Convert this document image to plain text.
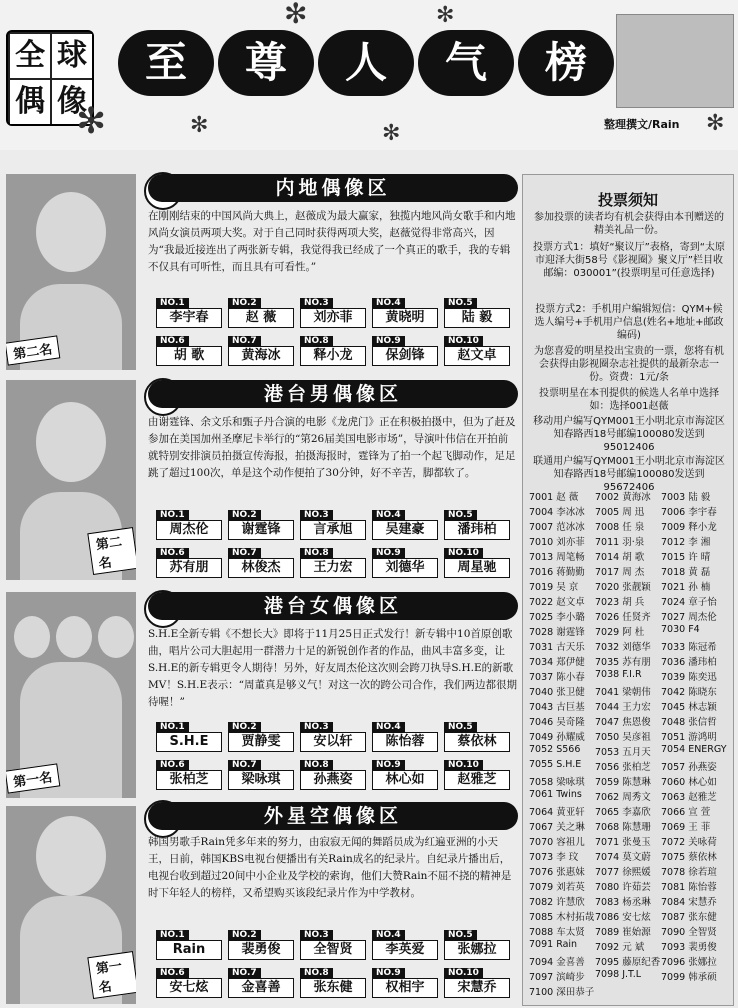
全 球
偶 像
至	尊	人	气	榜
整理撰文/Rain
✻
✻	✻	✻
✻
✻
第二名
内地偶像区
在刚刚结束的中国风尚大典上，赵薇成为最大赢家，独揽内地风尚女歌手和内地风尚女演员两项大奖。对于自己同时获得两项大奖，赵薇觉得非常高兴，因为“我最近接连出了两张新专辑，我觉得我已经成了一个真正的歌手，我的专辑不仅具有可听性，而且具有可看性。”
NO.1
李宇春
NO.2
赵 薇
NO.3
刘亦菲
NO.4
黄晓明
NO.5
陆 毅
NO.6
胡 歌
NO.7
黄海冰
NO.8
释小龙
NO.9
保剑锋
NO.10
赵文卓
第二名
港台男偶像区
由谢霆锋、余文乐和甄子丹合演的电影《龙虎门》正在积极拍摄中，但为了赶及参加在美国加州圣摩尼卡举行的“第26届美国电影市场”，导演叶伟信在开拍前就特别安排演员拍摄宣传海报，拍摄海报时，霆锋为了拍一个起飞脚动作，足足跳了超过100次，单是这个动作便拍了30分钟，好不辛苦，脚都软了。
NO.1
周杰伦
NO.2
谢霆锋
NO.3
言承旭
NO.4
吴建豪
NO.5
潘玮柏
NO.6
苏有朋
NO.7
林俊杰
NO.8
王力宏
NO.9
刘德华
NO.10
周星驰
第一名
港台女偶像区
S.H.E全新专辑《不想长大》即将于11月25日正式发行！新专辑中10首原创歌曲，唱片公司大胆起用一群潜力十足的新锐创作者的作品，曲风丰富多变，让S.H.E的新专辑更令人期待！另外，好友周杰伦这次则会跨刀执导S.H.E的新歌MV！S.H.E表示：“周董真是够义气！对这一次的跨公司合作，我们两边都很期待喔！”
NO.1
S.H.E
NO.2
贾静雯
NO.3
安以轩
NO.4
陈怡蓉
NO.5
蔡依林
NO.6
张柏芝
NO.7
梁咏琪
NO.8
孙燕姿
NO.9
林心如
NO.10
赵雅芝
第一名
外星空偶像区
韩国男歌手Rain凭多年来的努力，由寂寂无闻的舞蹈员成为红遍亚洲的小天王，日前，韩国KBS电视台便播出有关Rain成名的纪录片。自纪录片播出后，电视台收到超过20间中小企业及学校的索询，他们大赞Rain不屈不挠的精神是时下年轻人的榜样，又希望购买该段纪录片作为中学教材。
NO.1
Rain
NO.2
裴勇俊
NO.3
全智贤
NO.4
李英爱
NO.5
张娜拉
NO.6
安七炫
NO.7
金喜善
NO.8
张东健
NO.9
权相宇
NO.10
宋慧乔
投票须知
参加投票的读者均有机会获得由本刊赠送的精美礼品一份。
投票方式1：填好“聚议厅”表格，寄到“太原市迎泽大街58号《影视圈》聚义厅”栏目收 邮编：030001”(投票明星可任意选择)
投票方式2：手机用户编辑短信：QYM+候选人编号+手机用户信息(姓名+地址+邮政编码)
为您喜爱的明星投出宝贵的一票，您将有机会获得由影视圈杂志社提供的最新杂志一份。资费：1元/条
投票明星在本刊提供的候选人名单中选择 如：选择001赵薇
移动用户编写QYM001王小明北京市海淀区知春路西18号邮编100080发送到95012406
联通用户编写QYM001王小明北京市海淀区知春路西18号邮编100080发送到95672406
7001 赵 薇	7002 黄海冰	7003 陆 毅
7004 李冰冰	7005 周 迅	7006 李宇春
7007 范冰冰	7008 任 泉	7009 释小龙
7010 刘亦菲	7011 羽·泉	7012 李 湘
7013 周笔畅	7014 胡 歌	7015 许 晴
7016 蒋勤勤	7017 周 杰	7018 黄 磊
7019 吴 京	7020 张靓颖	7021 孙 楠
7022 赵文卓	7023 胡 兵	7024 章子怡
7025 李小璐	7026 任贤齐	7027 周杰伦
7028 谢霆锋	7029 阿 杜	7030 F4
7031 古天乐	7032 刘德华	7033 陈冠希
7034 郑伊健	7035 苏有朋	7036 潘玮柏
7037 陈小春	7038 F.I.R	7039 陈奕迅
7040 张卫健	7041 梁朝伟	7042 陈晓东
7043 古巨基	7044 王力宏	7045 林志颖
7046 吴奇隆	7047 焦恩俊	7048 张信哲
7049 孙耀威	7050 吴彦祖	7051 游鸿明
7052 S566	7053 五月天	7054 ENERGY
7055 S.H.E	7056 张柏芝	7057 孙燕姿
7058 梁咏琪	7059 陈慧琳	7060 林心如
7061 Twins	7062 周秀文	7063 赵雅芝
7064 黄亚轩	7065 李嘉欣	7066 宣 萱
7067 关之琳	7068 陈慧珊	7069 王 菲
7070 容祖儿	7071 张曼玉	7072 关咏荷
7073 李 玟	7074 莫文蔚	7075 蔡依林
7076 张惠妹	7077 徐熙媛	7078 徐若瑄
7079 刘若英	7080 许茹芸	7081 陈怡蓉
7082 许慧欣	7083 杨丞琳	7084 宋慧乔
7085 木村拓哉 7086 安七炫	7087 张东健
7088 车太贤	7089 崔始源	7090 全智贤
7091 Rain	7092 元 斌	7093 裴勇俊
7094 金喜善	7095 藤原纪香 7096 张娜拉
7097 滨崎步	7098 J.T.L	7099 韩承硕
7100 深田恭子
